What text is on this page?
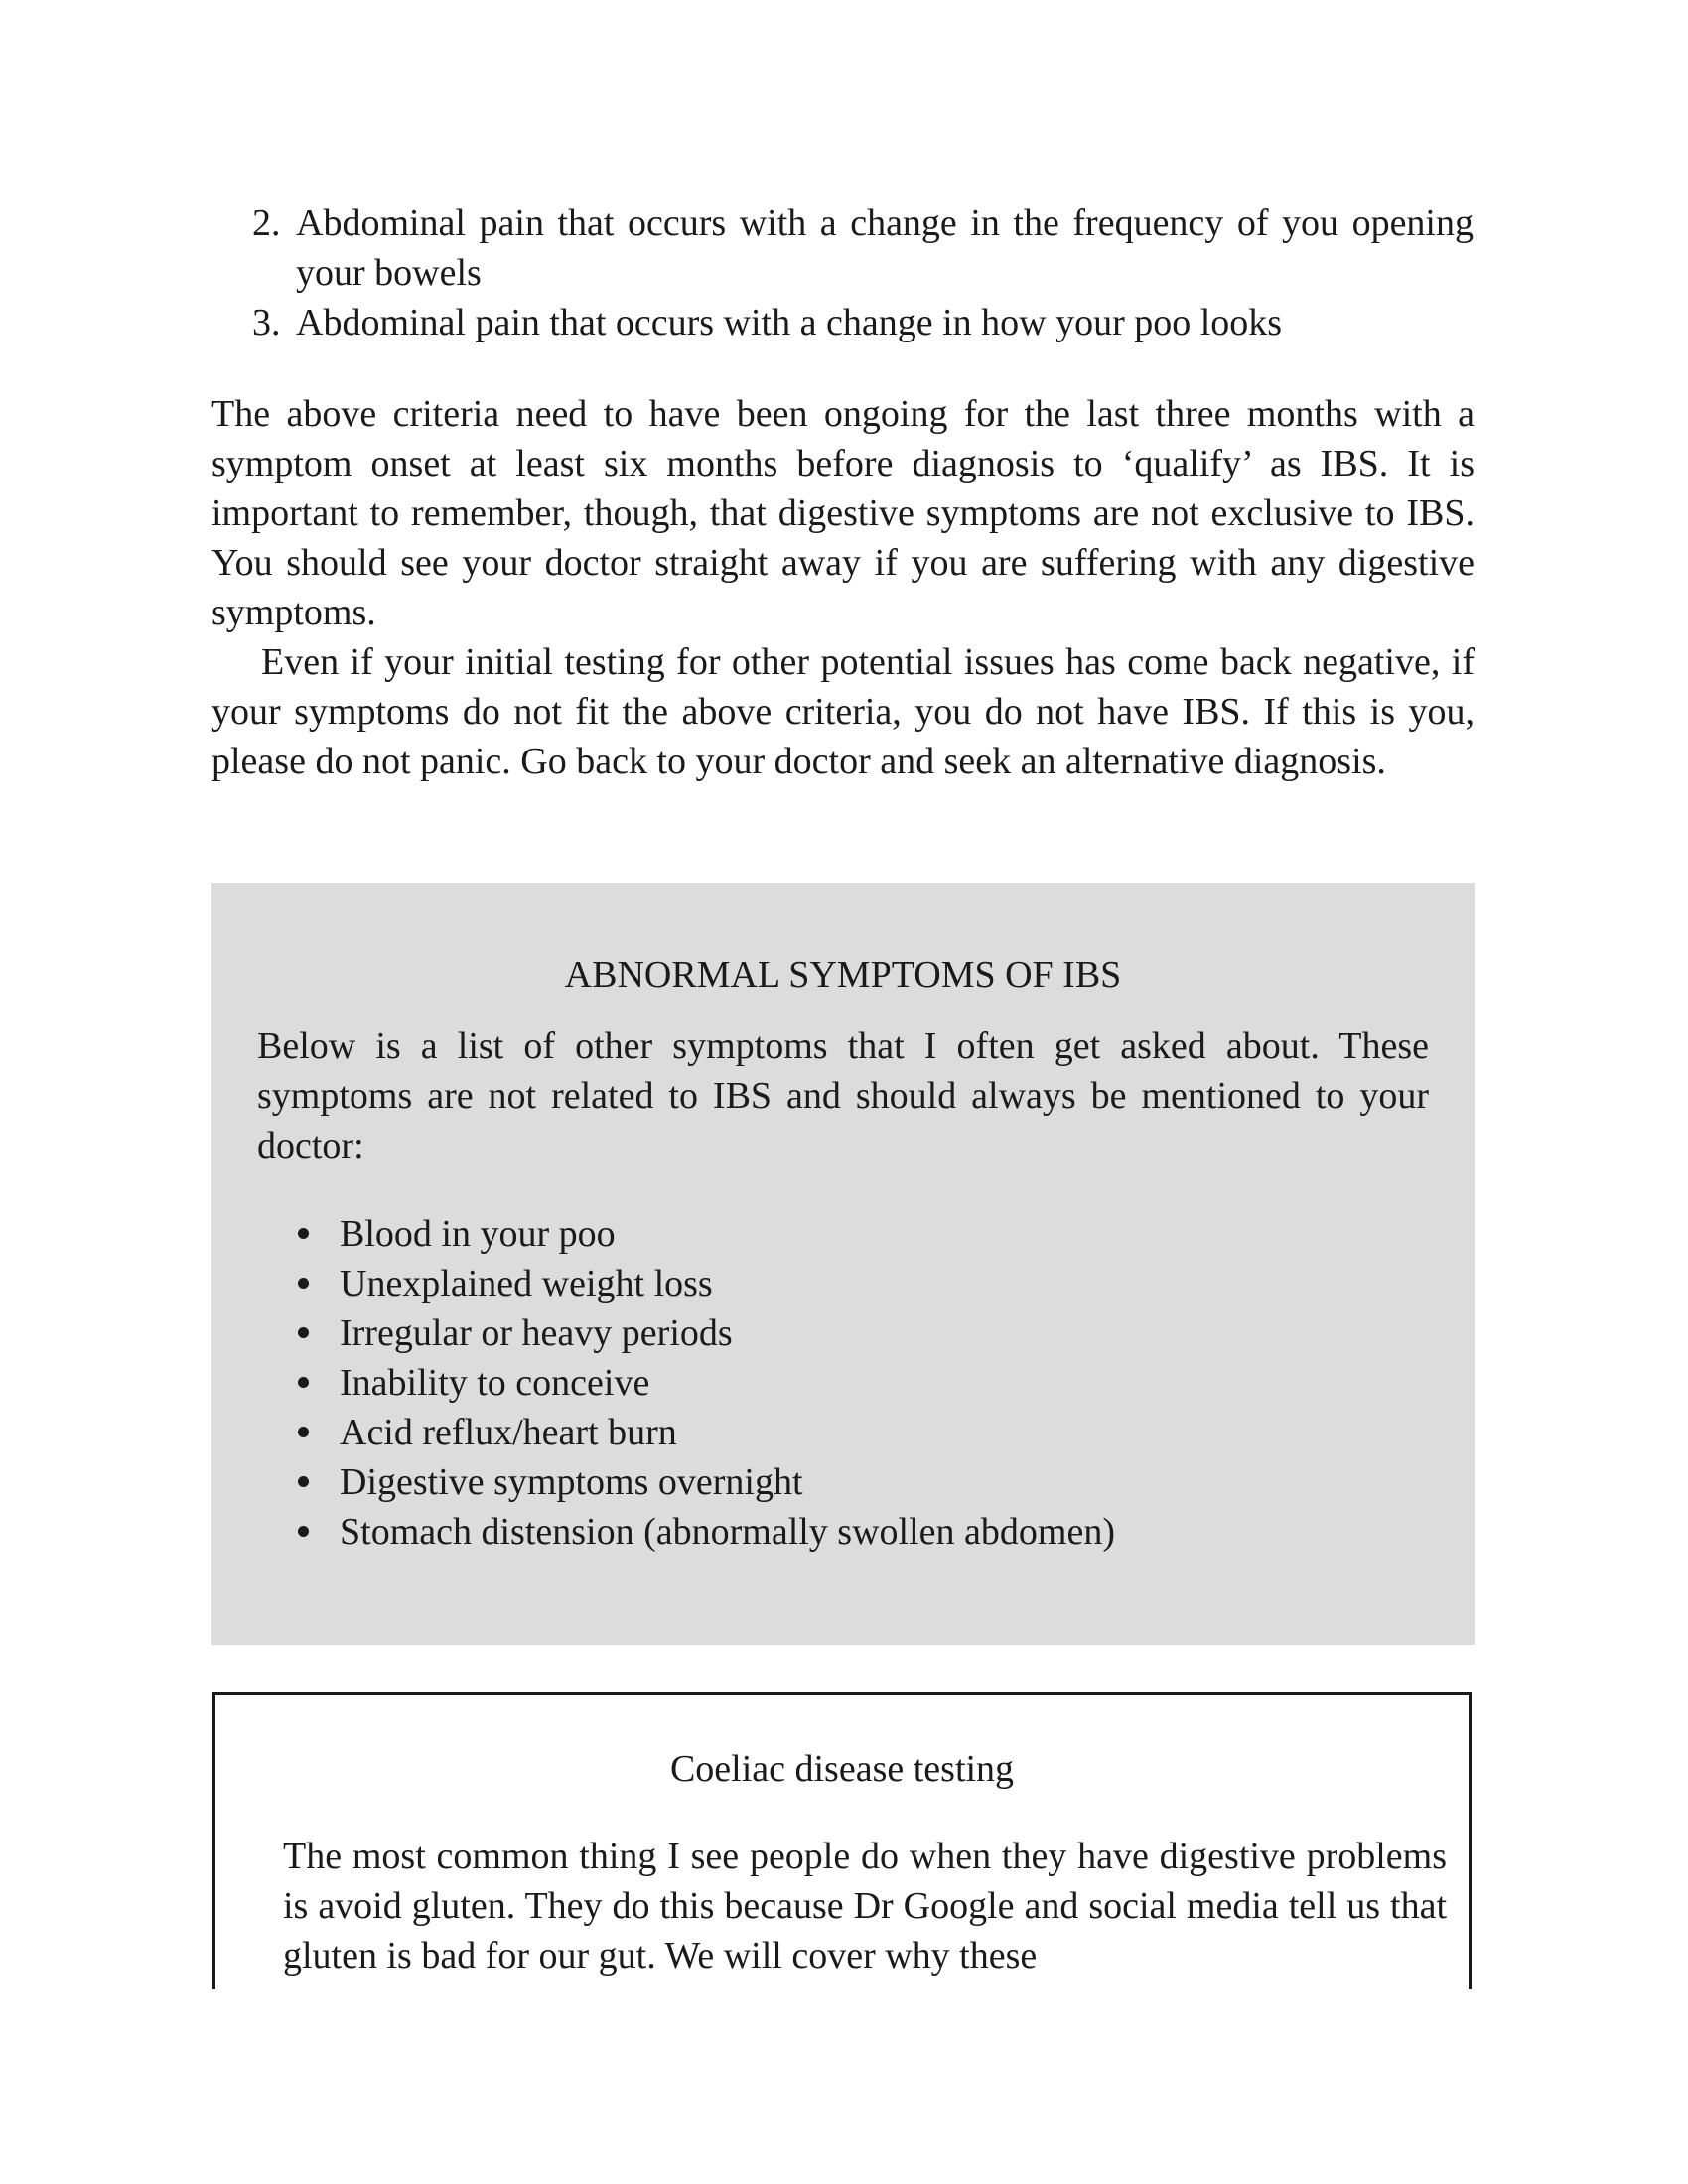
2. Abdominal pain that occurs with a change in the frequency of you opening your bowels
3. Abdominal pain that occurs with a change in how your poo looks

The above criteria need to have been ongoing for the last three months with a symptom onset at least six months before diagnosis to ‘qualify’ as IBS. It is important to remember, though, that digestive symptoms are not exclusive to IBS. You should see your doctor straight away if you are suffering with any digestive symptoms.

Even if your initial testing for other potential issues has come back negative, if your symptoms do not fit the above criteria, you do not have IBS. If this is you, please do not panic. Go back to your doctor and seek an alternative diagnosis.

ABNORMAL SYMPTOMS OF IBS

Below is a list of other symptoms that I often get asked about. These symptoms are not related to IBS and should always be mentioned to your doctor:

Blood in your poo
Unexplained weight loss
Irregular or heavy periods
Inability to conceive
Acid reflux/heart burn
Digestive symptoms overnight
Stomach distension (abnormally swollen abdomen)
Coeliac disease testing

The most common thing I see people do when they have digestive problems is avoid gluten. They do this because Dr Google and social media tell us that gluten is bad for our gut. We will cover why these
